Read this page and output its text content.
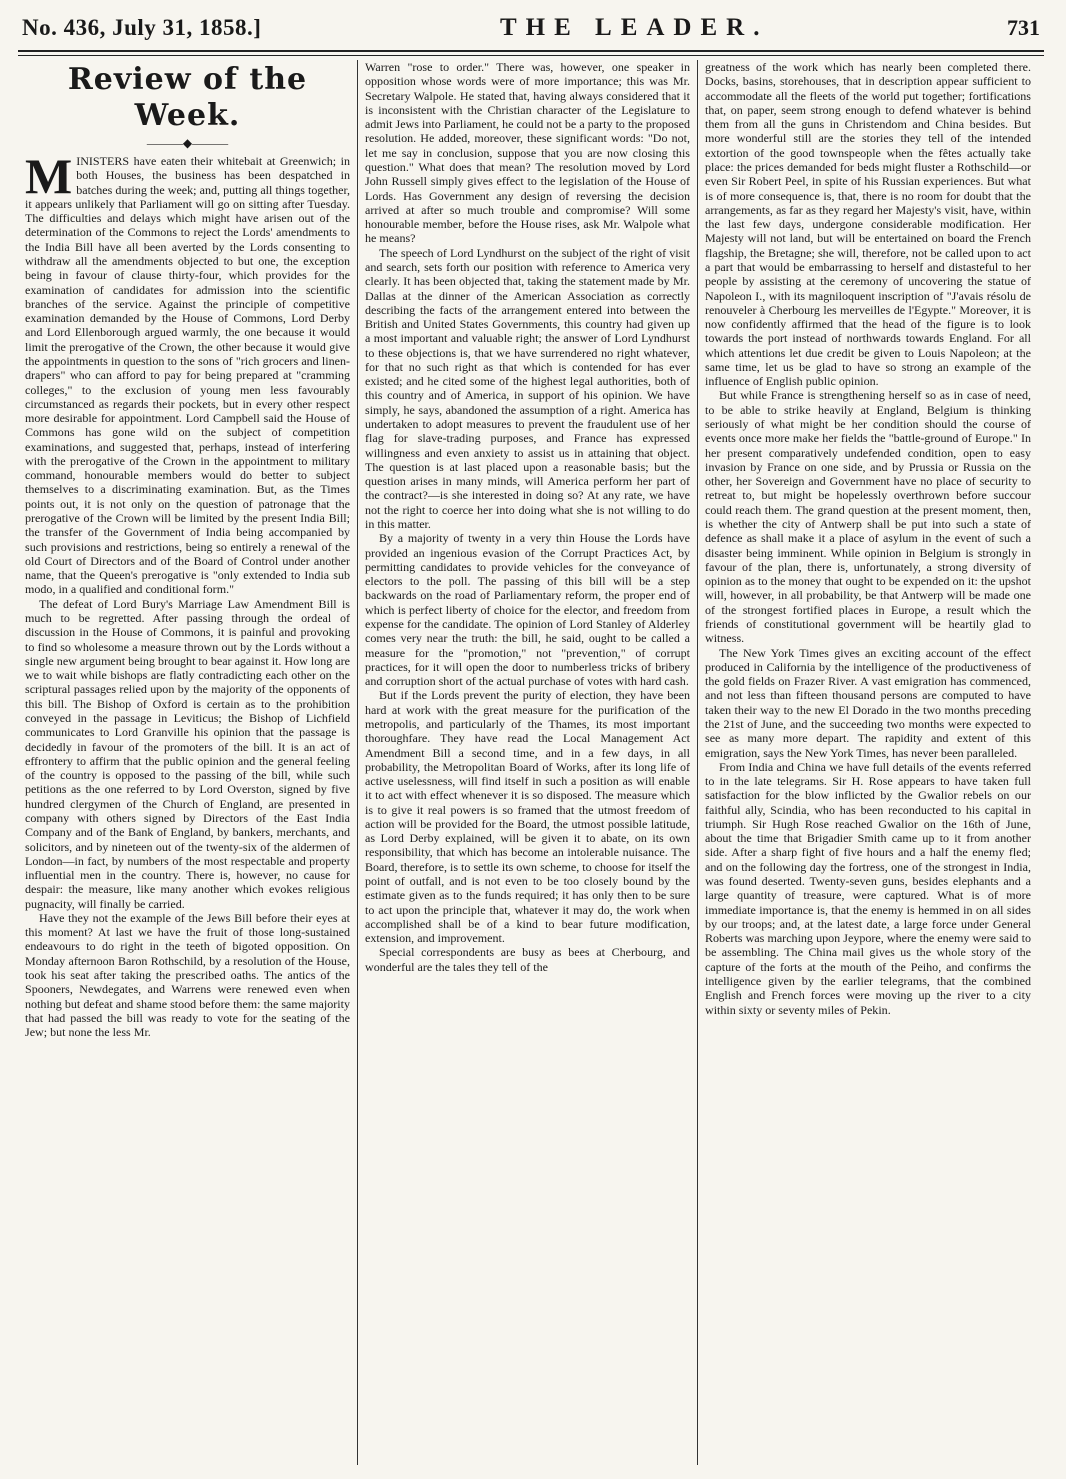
No. 436, July 31, 1858.]	THE LEADER.	731
Review of the Week.
———◆———

MINISTERS have eaten their whitebait at Greenwich; in both Houses, the business has been despatched in batches during the week; and, putting all things together, it appears unlikely that Parliament will go on sitting after Tuesday. The difficulties and delays which might have arisen out of the determination of the Commons to reject the Lords' amendments to the India Bill have all been averted by the Lords consenting to withdraw all the amendments objected to but one, the exception being in favour of clause thirty-four, which provides for the examination of candidates for admission into the scientific branches of the service. Against the principle of competitive examination demanded by the House of Commons, Lord Derby and Lord Ellenborough argued warmly, the one because it would limit the prerogative of the Crown, the other because it would give the appointments in question to the sons of "rich grocers and linen-drapers" who can afford to pay for being prepared at "cramming colleges," to the exclusion of young men less favourably circumstanced as regards their pockets, but in every other respect more desirable for appointment. Lord Campbell said the House of Commons has gone wild on the subject of competition examinations, and suggested that, perhaps, instead of interfering with the prerogative of the Crown in the appointment to military command, honourable members would do better to subject themselves to a discriminating examination. But, as the Times points out, it is not only on the question of patronage that the prerogative of the Crown will be limited by the present India Bill; the transfer of the Government of India being accompanied by such provisions and restrictions, being so entirely a renewal of the old Court of Directors and of the Board of Control under another name, that the Queen's prerogative is "only extended to India sub modo, in a qualified and conditional form."

The defeat of Lord Bury's Marriage Law Amendment Bill is much to be regretted. After passing through the ordeal of discussion in the House of Commons, it is painful and provoking to find so wholesome a measure thrown out by the Lords without a single new argument being brought to bear against it. How long are we to wait while bishops are flatly contradicting each other on the scriptural passages relied upon by the majority of the opponents of this bill. The Bishop of Oxford is certain as to the prohibition conveyed in the passage in Leviticus; the Bishop of Lichfield communicates to Lord Granville his opinion that the passage is decidedly in favour of the promoters of the bill. It is an act of effrontery to affirm that the public opinion and the general feeling of the country is opposed to the passing of the bill, while such petitions as the one referred to by Lord Overston, signed by five hundred clergymen of the Church of England, are presented in company with others signed by Directors of the East India Company and of the Bank of England, by bankers, merchants, and solicitors, and by nineteen out of the twenty-six of the aldermen of London—in fact, by numbers of the most respectable and property influential men in the country. There is, however, no cause for despair: the measure, like many another which evokes religious pugnacity, will finally be carried.

Have they not the example of the Jews Bill before their eyes at this moment? At last we have the fruit of those long-sustained endeavours to do right in the teeth of bigoted opposition. On Monday afternoon Baron Rothschild, by a resolution of the House, took his seat after taking the prescribed oaths. The antics of the Spooners, Newdegates, and Warrens were renewed even when nothing but defeat and shame stood before them: the same majority that had passed the bill was ready to vote for the seating of the Jew; but none the less Mr.

Warren "rose to order." There was, however, one speaker in opposition whose words were of more importance; this was Mr. Secretary Walpole. He stated that, having always considered that it is inconsistent with the Christian character of the Legislature to admit Jews into Parliament, he could not be a party to the proposed resolution. He added, moreover, these significant words: "Do not, let me say in conclusion, suppose that you are now closing this question." What does that mean? The resolution moved by Lord John Russell simply gives effect to the legislation of the House of Lords. Has Government any design of reversing the decision arrived at after so much trouble and compromise? Will some honourable member, before the House rises, ask Mr. Walpole what he means?

The speech of Lord Lyndhurst on the subject of the right of visit and search, sets forth our position with reference to America very clearly. It has been objected that, taking the statement made by Mr. Dallas at the dinner of the American Association as correctly describing the facts of the arrangement entered into between the British and United States Governments, this country had given up a most important and valuable right; the answer of Lord Lyndhurst to these objections is, that we have surrendered no right whatever, for that no such right as that which is contended for has ever existed; and he cited some of the highest legal authorities, both of this country and of America, in support of his opinion. We have simply, he says, abandoned the assumption of a right. America has undertaken to adopt measures to prevent the fraudulent use of her flag for slave-trading purposes, and France has expressed willingness and even anxiety to assist us in attaining that object. The question is at last placed upon a reasonable basis; but the question arises in many minds, will America perform her part of the contract?—is she interested in doing so? At any rate, we have not the right to coerce her into doing what she is not willing to do in this matter.

By a majority of twenty in a very thin House the Lords have provided an ingenious evasion of the Corrupt Practices Act, by permitting candidates to provide vehicles for the conveyance of electors to the poll. The passing of this bill will be a step backwards on the road of Parliamentary reform, the proper end of which is perfect liberty of choice for the elector, and freedom from expense for the candidate. The opinion of Lord Stanley of Alderley comes very near the truth: the bill, he said, ought to be called a measure for the "promotion," not "prevention," of corrupt practices, for it will open the door to numberless tricks of bribery and corruption short of the actual purchase of votes with hard cash.

But if the Lords prevent the purity of election, they have been hard at work with the great measure for the purification of the metropolis, and particularly of the Thames, its most important thoroughfare. They have read the Local Management Act Amendment Bill a second time, and in a few days, in all probability, the Metropolitan Board of Works, after its long life of active uselessness, will find itself in such a position as will enable it to act with effect whenever it is so disposed. The measure which is to give it real powers is so framed that the utmost freedom of action will be provided for the Board, the utmost possible latitude, as Lord Derby explained, will be given it to abate, on its own responsibility, that which has become an intolerable nuisance. The Board, therefore, is to settle its own scheme, to choose for itself the point of outfall, and is not even to be too closely bound by the estimate given as to the funds required; it has only then to be sure to act upon the principle that, whatever it may do, the work when accomplished shall be of a kind to bear future modification, extension, and improvement.

Special correspondents are busy as bees at Cherbourg, and wonderful are the tales they tell of the

greatness of the work which has nearly been completed there. Docks, basins, storehouses, that in description appear sufficient to accommodate all the fleets of the world put together; fortifications that, on paper, seem strong enough to defend whatever is behind them from all the guns in Christendom and China besides. But more wonderful still are the stories they tell of the intended extortion of the good townspeople when the fêtes actually take place: the prices demanded for beds might fluster a Rothschild—or even Sir Robert Peel, in spite of his Russian experiences. But what is of more consequence is, that, there is no room for doubt that the arrangements, as far as they regard her Majesty's visit, have, within the last few days, undergone considerable modification. Her Majesty will not land, but will be entertained on board the French flagship, the Bretagne; she will, therefore, not be called upon to act a part that would be embarrassing to herself and distasteful to her people by assisting at the ceremony of uncovering the statue of Napoleon I., with its magniloquent inscription of "J'avais résolu de renouveler à Cherbourg les merveilles de l'Egypte." Moreover, it is now confidently affirmed that the head of the figure is to look towards the port instead of northwards towards England. For all which attentions let due credit be given to Louis Napoleon; at the same time, let us be glad to have so strong an example of the influence of English public opinion.

But while France is strengthening herself so as in case of need, to be able to strike heavily at England, Belgium is thinking seriously of what might be her condition should the course of events once more make her fields the "battle-ground of Europe." In her present comparatively undefended condition, open to easy invasion by France on one side, and by Prussia or Russia on the other, her Sovereign and Government have no place of security to retreat to, but might be hopelessly overthrown before succour could reach them. The grand question at the present moment, then, is whether the city of Antwerp shall be put into such a state of defence as shall make it a place of asylum in the event of such a disaster being imminent. While opinion in Belgium is strongly in favour of the plan, there is, unfortunately, a strong diversity of opinion as to the money that ought to be expended on it: the upshot will, however, in all probability, be that Antwerp will be made one of the strongest fortified places in Europe, a result which the friends of constitutional government will be heartily glad to witness.

The New York Times gives an exciting account of the effect produced in California by the intelligence of the productiveness of the gold fields on Frazer River. A vast emigration has commenced, and not less than fifteen thousand persons are computed to have taken their way to the new El Dorado in the two months preceding the 21st of June, and the succeeding two months were expected to see as many more depart. The rapidity and extent of this emigration, says the New York Times, has never been paralleled.

From India and China we have full details of the events referred to in the late telegrams. Sir H. Rose appears to have taken full satisfaction for the blow inflicted by the Gwalior rebels on our faithful ally, Scindia, who has been reconducted to his capital in triumph. Sir Hugh Rose reached Gwalior on the 16th of June, about the time that Brigadier Smith came up to it from another side. After a sharp fight of five hours and a half the enemy fled; and on the following day the fortress, one of the strongest in India, was found deserted. Twenty-seven guns, besides elephants and a large quantity of treasure, were captured. What is of more immediate importance is, that the enemy is hemmed in on all sides by our troops; and, at the latest date, a large force under General Roberts was marching upon Jeypore, where the enemy were said to be assembling. The China mail gives us the whole story of the capture of the forts at the mouth of the Peiho, and confirms the intelligence given by the earlier telegrams, that the combined English and French forces were moving up the river to a city within sixty or seventy miles of Pekin.
